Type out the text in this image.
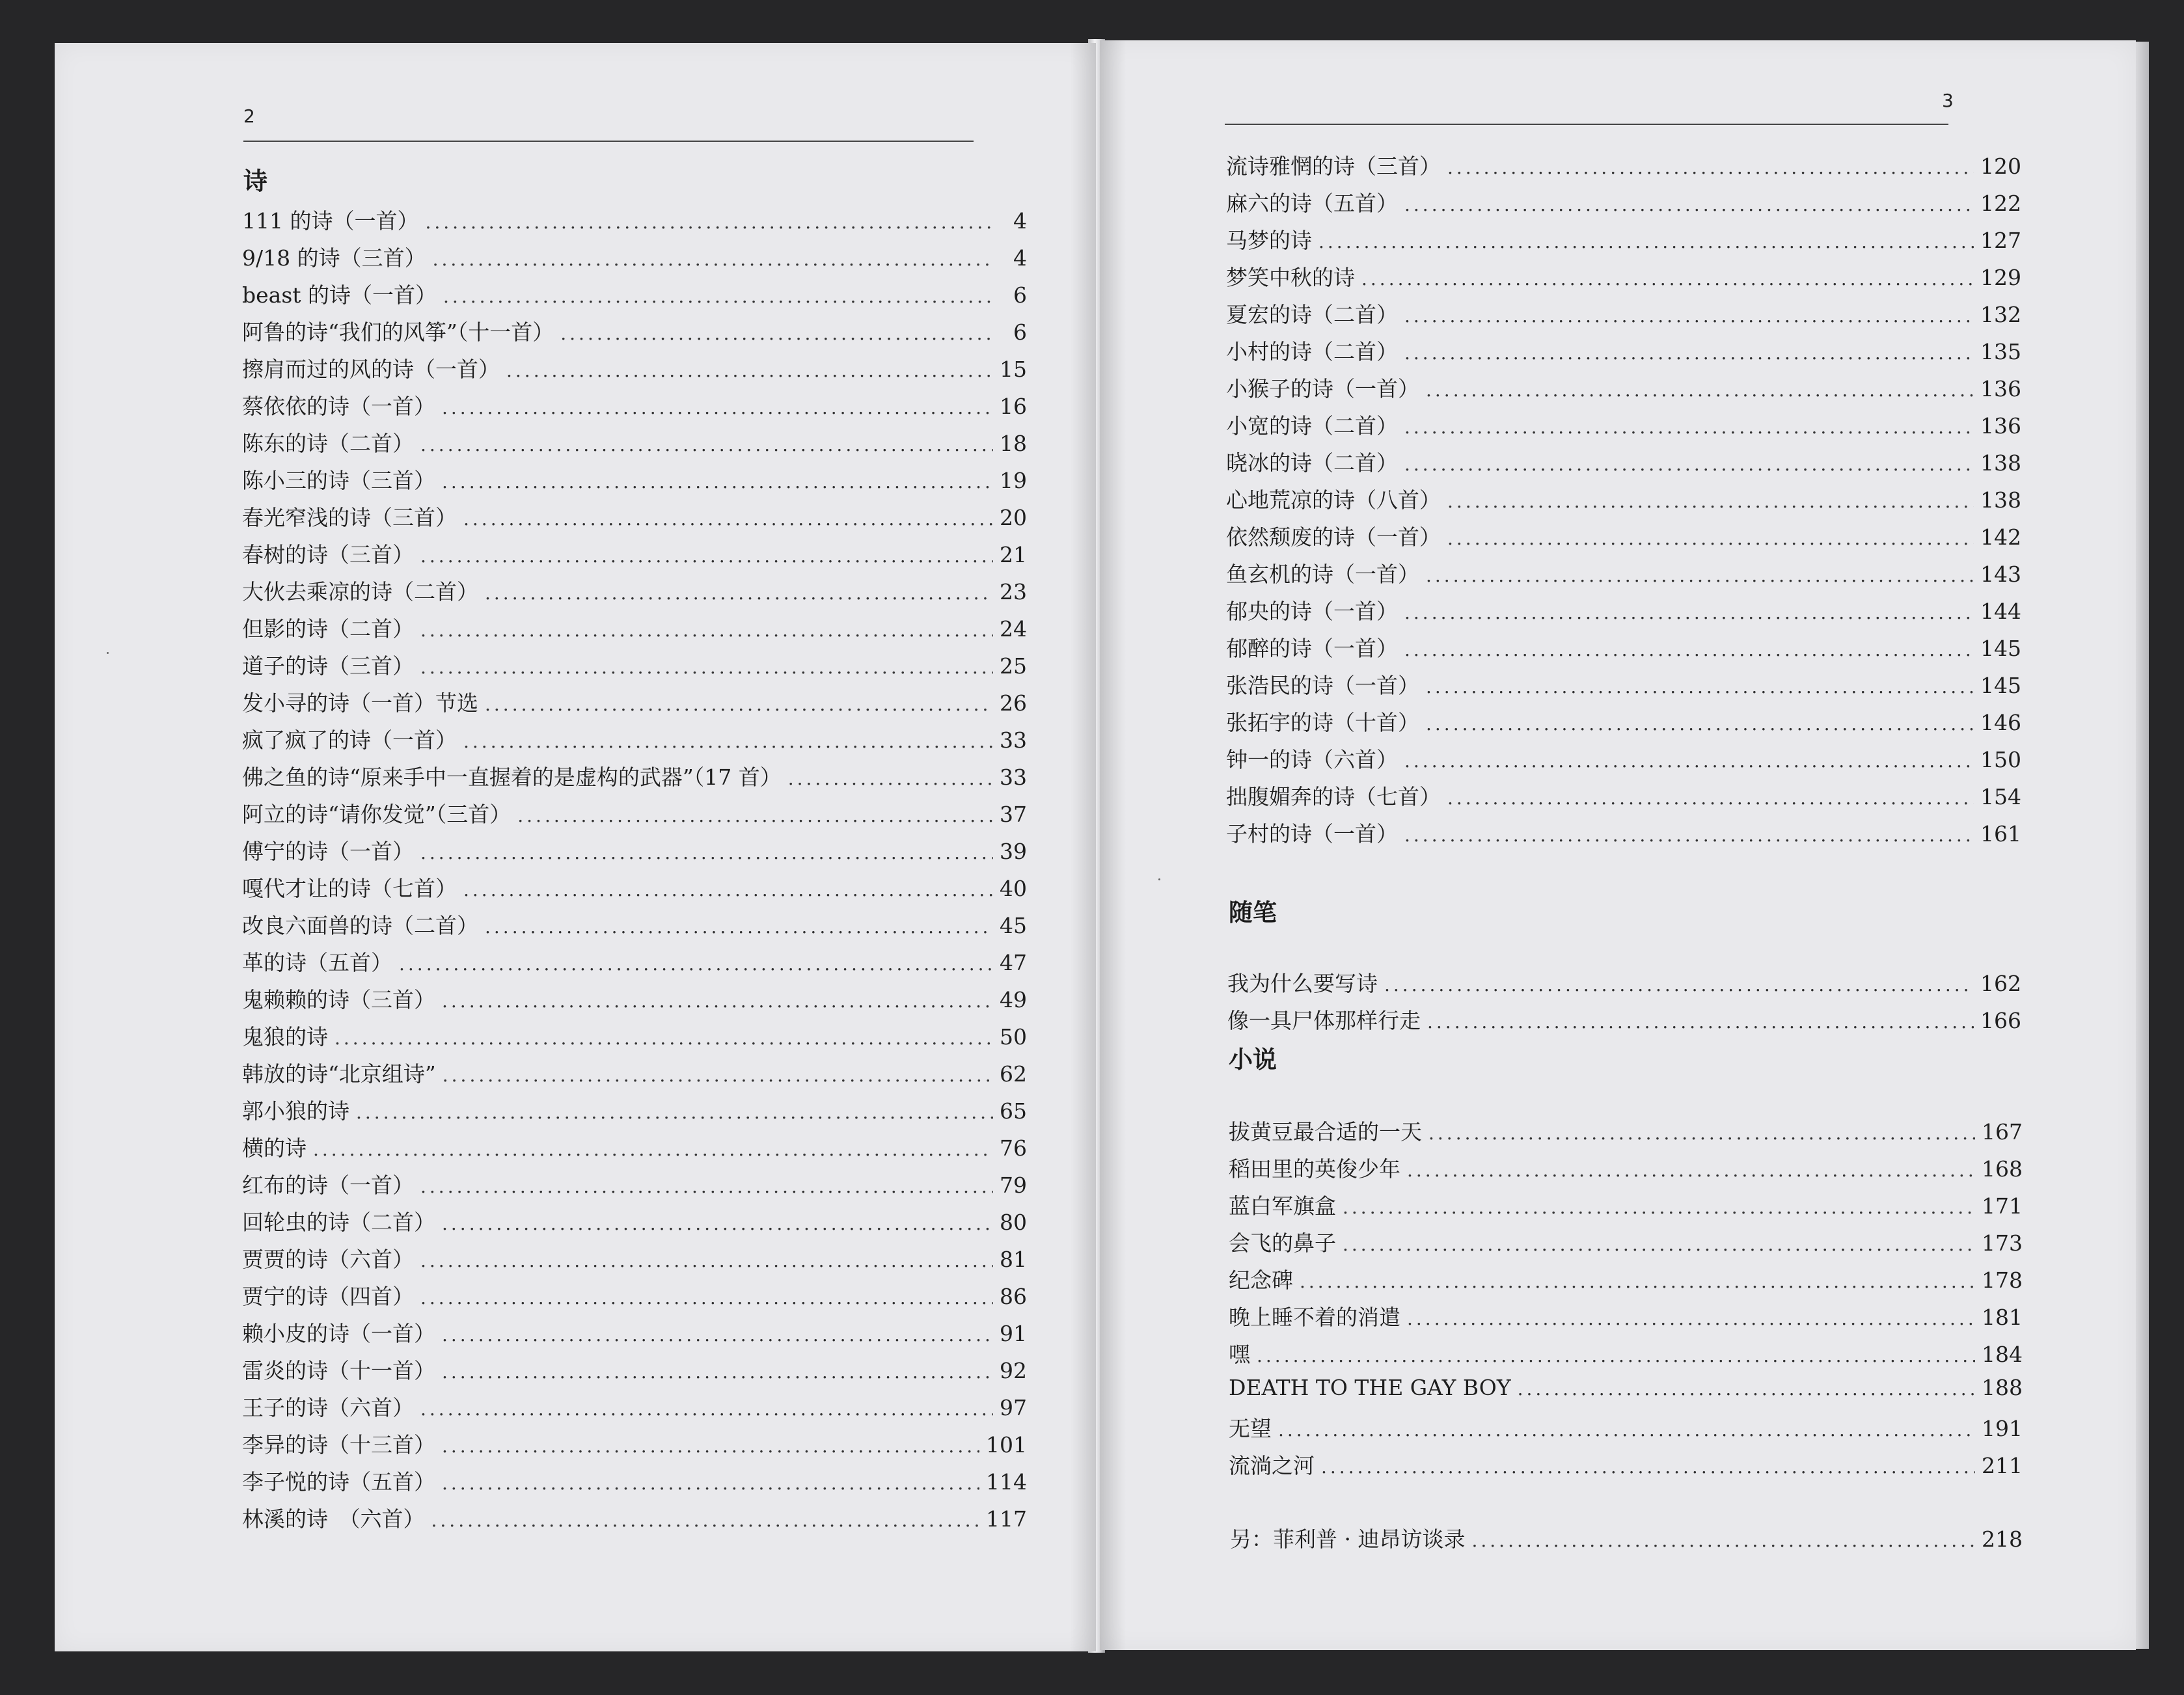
2
诗
111 的诗（一首） .....	4
9/18 的诗（三首） .....	4
beast 的诗（一首） .....	6
阿鲁的诗“我们的风筝”（十一首） .....	6
擦肩而过的风的诗（一首） .....	15
蔡依依的诗（一首） .....	16
陈东的诗（二首） .....	18
陈小三的诗（三首） .....	19
春光窄浅的诗（三首） .....	20
春树的诗（三首） .....	21
大伙去乘凉的诗（二首） .....	23
但影的诗（二首） .....	24
道子的诗（三首） .....	25
发小寻的诗（一首）节选 .....	26
疯了疯了的诗（一首） .....	33
佛之鱼的诗“原来手中一直握着的是虚构的武器”（17 首） .....	33
阿立的诗“请你发觉”（三首） .....	37
傅宁的诗（一首） .....	39
嘎代才让的诗（七首） .....	40
改良六面兽的诗（二首） .....	45
革的诗（五首） .....	47
鬼赖赖的诗（三首） .....	49
鬼狼的诗 .....	50
韩放的诗“北京组诗” .....	62
郭小狼的诗 .....	65
横的诗 .....	76
红布的诗（一首） .....	79
回轮虫的诗（二首） .....	80
贾贾的诗（六首） .....	81
贾宁的诗（四首） .....	86
赖小皮的诗（一首） .....	91
雷炎的诗（十一首） .....	92
王子的诗（六首） .....	97
李异的诗（十三首） .....	101
李子悦的诗（五首） .....	114
林溪的诗　（六首） .....	117
3
流诗雅惘的诗（三首） .....	120
麻六的诗（五首） .....	122
马梦的诗 .....	127
梦笑中秋的诗 .....	129
夏宏的诗（二首） .....	132
小村的诗（二首） .....	135
小猴子的诗（一首） .....	136
小宽的诗（二首） .....	136
晓冰的诗（二首） .....	138
心地荒凉的诗（八首） .....	138
依然颓废的诗（一首） .....	142
鱼玄机的诗（一首） .....	143
郁央的诗（一首） .....	144
郁醉的诗（一首） .....	145
张浩民的诗（一首） .....	145
张拓宇的诗（十首） .....	146
钟一的诗（六首） .....	150
拙腹媚奔的诗（七首） .....	154
子村的诗（一首） .....	161
随笔
我为什么要写诗 .....	162
像一具尸体那样行走 .....	166
小说
拔黄豆最合适的一天 .....	167
稻田里的英俊少年 .....	168
蓝白军旗盒 .....	171
会飞的鼻子 .....	173
纪念碑 .....	178
晚上睡不着的消遣 .....	181
嘿 .....	184
DEATH TO THE GAY BOY .....	188
无望 .....	191
流淌之河 .....	211
另：菲利普 · 迪昂访谈录 .....	218
